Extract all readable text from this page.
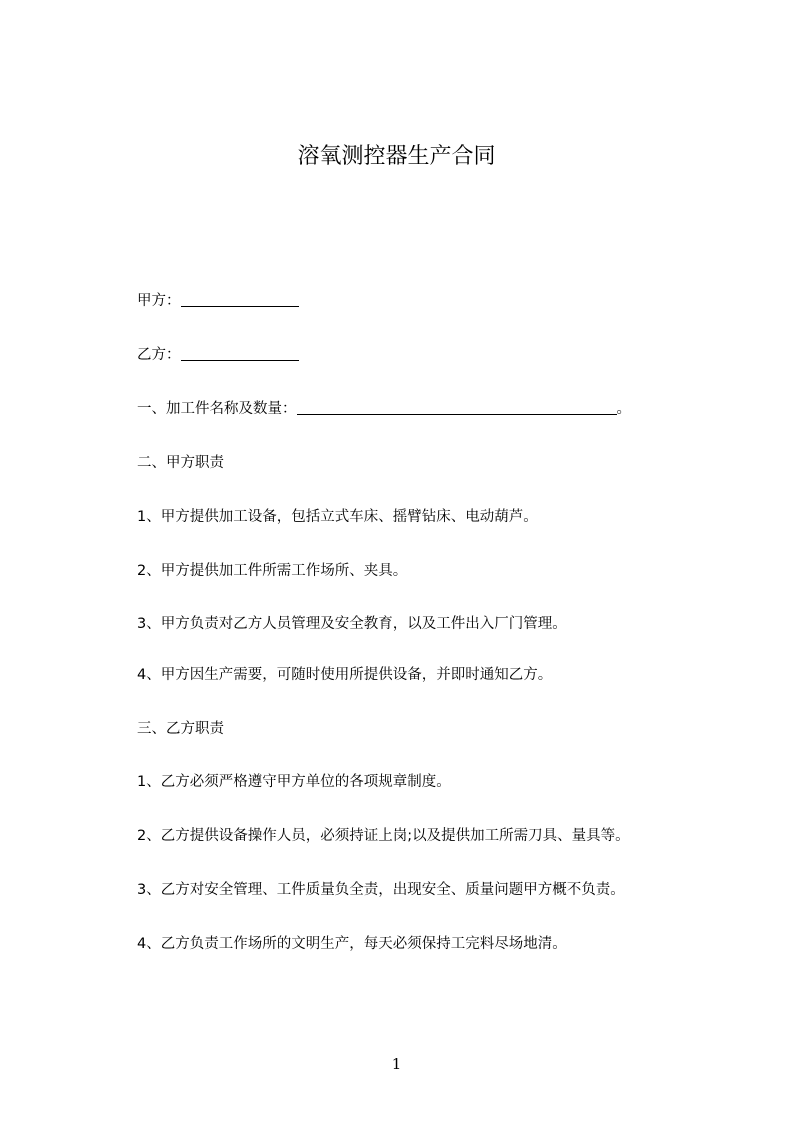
溶氧测控器生产合同
甲方：
乙方：
一、加工件名称及数量：	。
二、甲方职责
1、甲方提供加工设备，包括立式车床、摇臂钻床、电动葫芦。
2、甲方提供加工件所需工作场所、夹具。
3、甲方负责对乙方人员管理及安全教育，以及工件出入厂门管理。
4、甲方因生产需要，可随时使用所提供设备，并即时通知乙方。
三、乙方职责
1、乙方必须严格遵守甲方单位的各项规章制度。
2、乙方提供设备操作人员，必须持证上岗;以及提供加工所需刀具、量具等。
3、乙方对安全管理、工件质量负全责，出现安全、质量问题甲方概不负责。
4、乙方负责工作场所的文明生产，每天必须保持工完料尽场地清。
1
